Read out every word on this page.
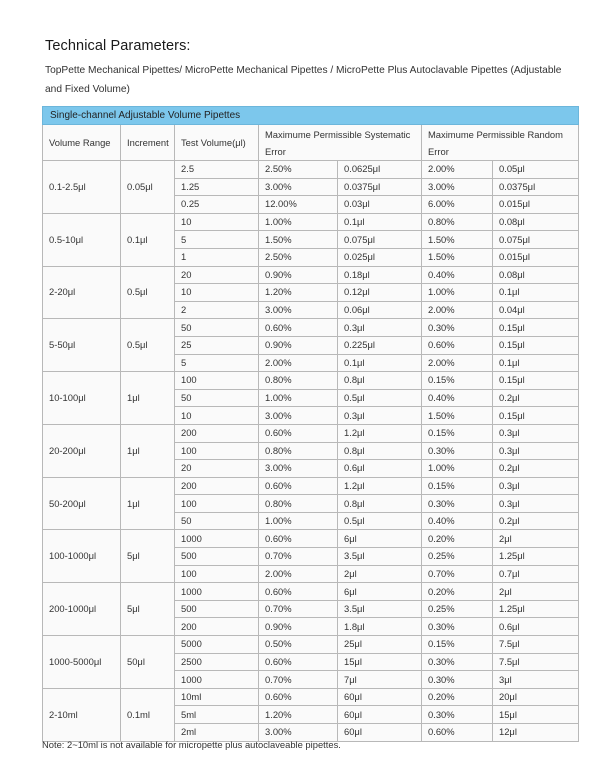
Technical Parameters:
TopPette Mechanical Pipettes/ MicroPette Mechanical Pipettes / MicroPette Plus Autoclavable Pipettes (Adjustable and Fixed Volume)
Single-channel Adjustable Volume Pipettes						
Volume Range	Increment	Test Volume(μl)	Maximume Permissible Systematic Error		Maximume Permissible Random Error	
0.1-2.5μl	0.05μl	2.5	2.50%	0.0625μl	2.00%	0.05μl
		1.25	3.00%	0.0375μl	3.00%	0.0375μl
		0.25	12.00%	0.03μl	6.00%	0.015μl
0.5-10μl	0.1μl	10	1.00%	0.1μl	0.80%	0.08μl
		5	1.50%	0.075μl	1.50%	0.075μl
		1	2.50%	0.025μl	1.50%	0.015μl
2-20μl	0.5μl	20	0.90%	0.18μl	0.40%	0.08μl
		10	1.20%	0.12μl	1.00%	0.1μl
		2	3.00%	0.06μl	2.00%	0.04μl
5-50μl	0.5μl	50	0.60%	0.3μl	0.30%	0.15μl
		25	0.90%	0.225μl	0.60%	0.15μl
		5	2.00%	0.1μl	2.00%	0.1μl
10-100μl	1μl	100	0.80%	0.8μl	0.15%	0.15μl
		50	1.00%	0.5μl	0.40%	0.2μl
		10	3.00%	0.3μl	1.50%	0.15μl
20-200μl	1μl	200	0.60%	1.2μl	0.15%	0.3μl
		100	0.80%	0.8μl	0.30%	0.3μl
		20	3.00%	0.6μl	1.00%	0.2μl
50-200μl	1μl	200	0.60%	1.2μl	0.15%	0.3μl
		100	0.80%	0.8μl	0.30%	0.3μl
		50	1.00%	0.5μl	0.40%	0.2μl
100-1000μl	5μl	1000	0.60%	6μl	0.20%	2μl
		500	0.70%	3.5μl	0.25%	1.25μl
		100	2.00%	2μl	0.70%	0.7μl
200-1000μl	5μl	1000	0.60%	6μl	0.20%	2μl
		500	0.70%	3.5μl	0.25%	1.25μl
		200	0.90%	1.8μl	0.30%	0.6μl
1000-5000μl	50μl	5000	0.50%	25μl	0.15%	7.5μl
		2500	0.60%	15μl	0.30%	7.5μl
		1000	0.70%	7μl	0.30%	3μl
2-10ml	0.1ml	10ml	0.60%	60μl	0.20%	20μl
		5ml	1.20%	60μl	0.30%	15μl
		2ml	3.00%	60μl	0.60%	12μl
Note: 2~10ml is not available for micropette plus autoclaveable pipettes.
